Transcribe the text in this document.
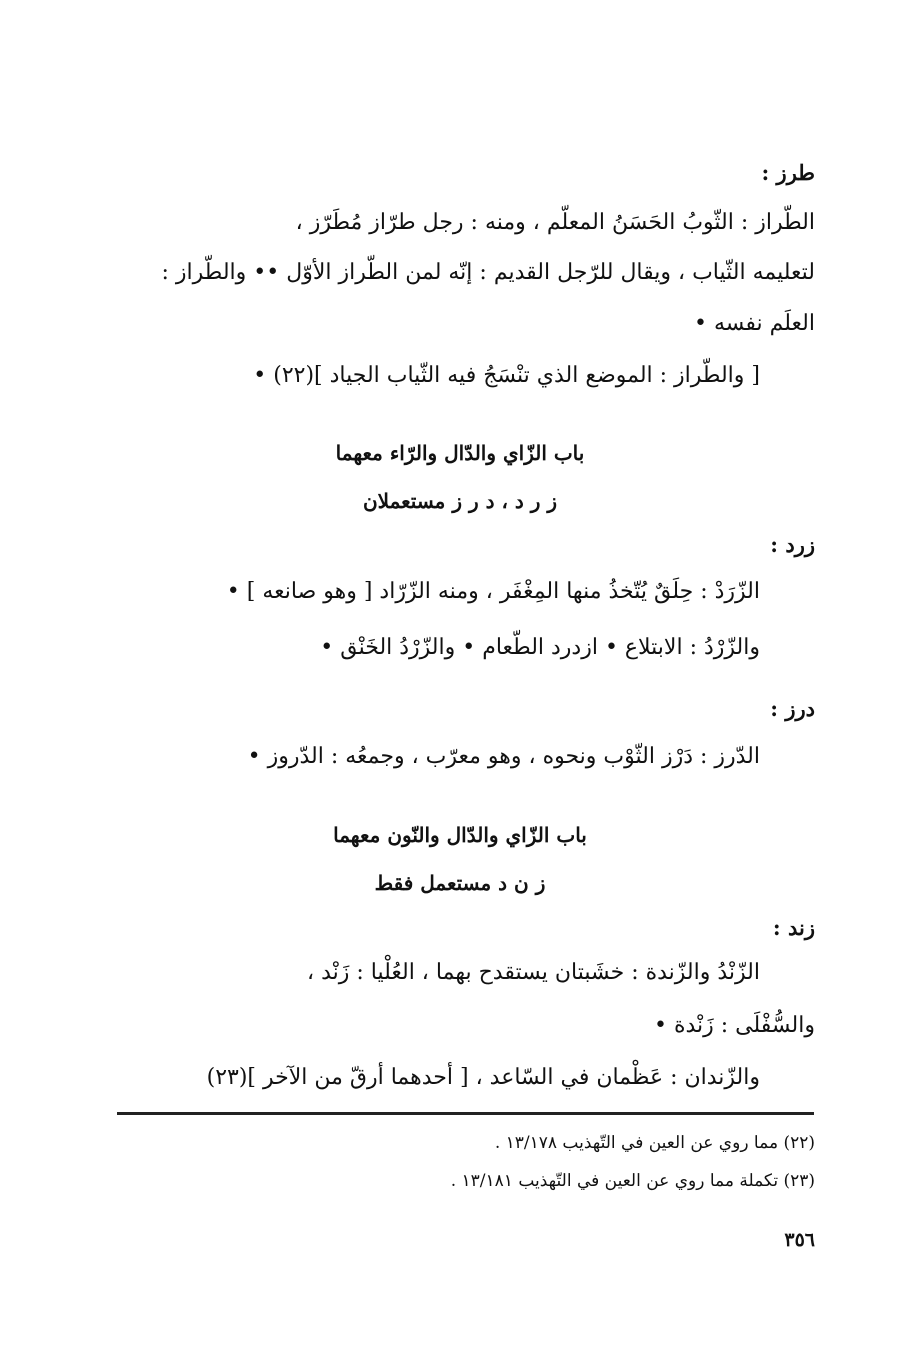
طرز :
الطّراز : الثّوبُ الحَسَنُ المعلّم ، ومنه : رجل طرّاز مُطَرّز ،
لتعليمه الثّياب ، ويقال للرّجل القديم : إنّه لمن الطّراز الأوّل •• والطّراز :
العلَم نفسه •
[ والطّراز : الموضع الذي تنْسَجُ فيه الثّياب الجياد ](٢٢) •
باب الزّاي والدّال والرّاء معهما
ز ر د ، د ر ز مستعملان
زرد :
الزّرَدْ : حِلَقٌ يُتّخذُ منها المِغْفَر ، ومنه الزّرّاد [ وهو صانعه ] •
والزّرْدُ : الابتلاع • ازدرد الطّعام • والزّرْدُ الخَنْق •
درز :
الدّرز : دَرْز الثّوْب ونحوه ، وهو معرّب ، وجمعُه : الدّروز •
باب الزّاي والدّال والنّون معهما
ز ن د مستعمل فقط
زند :
الزّنْدُ والزّندة : خشَبتان يستقدح بهما ، العُلْيا : زَنْد ،
والسُّفْلَى : زَنْدة •
والزّندان : عَظْمان في السّاعد ، [ أحدهما أرقّ من الآخر ](٢٣)
(٢٢) مما روي عن العين في التّهذيب ١٣/١٧٨ .
(٢٣) تكملة مما روي عن العين في التّهذيب ١٣/١٨١ .
٣٥٦
